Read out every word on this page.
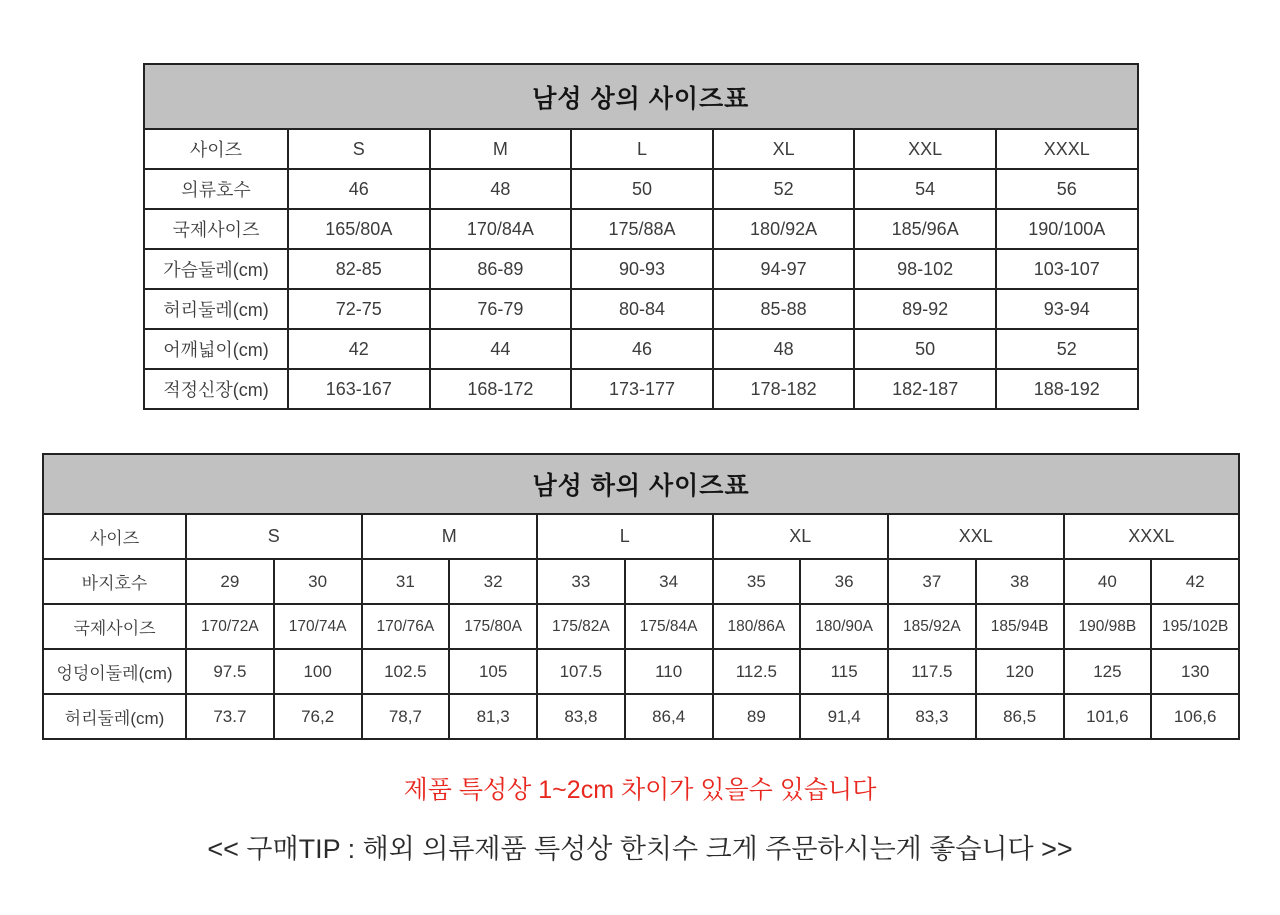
남성 상의 사이즈표						
사이즈	S	M	L	XL	XXL	XXXL
의류호수	46	48	50	52	54	56
국제사이즈	165/80A	170/84A	175/88A	180/92A	185/96A	190/100A
가슴둘레(cm)	82-85	86-89	90-93	94-97	98-102	103-107
허리둘레(cm)	72-75	76-79	80-84	85-88	89-92	93-94
어깨넓이(cm)	42	44	46	48	50	52
적정신장(cm)	163-167	168-172	173-177	178-182	182-187	188-192
남성 하의 사이즈표												
사이즈	S		M		L		XL		XXL		XXXL	
바지호수	29	30	31	32	33	34	35	36	37	38	40	42
국제사이즈	170/72A	170/74A	170/76A	175/80A	175/82A	175/84A	180/86A	180/90A	185/92A	185/94B	190/98B	195/102B
엉덩이둘레(cm)	97.5	100	102.5	105	107.5	110	112.5	115	117.5	120	125	130
허리둘레(cm)	73.7	76,2	78,7	81,3	83,8	86,4	89	91,4	83,3	86,5	101,6	106,6
제품 특성상 1~2cm 차이가 있을수 있습니다
<< 구매TIP : 해외 의류제품 특성상 한치수 크게 주문하시는게 좋습니다 >>
